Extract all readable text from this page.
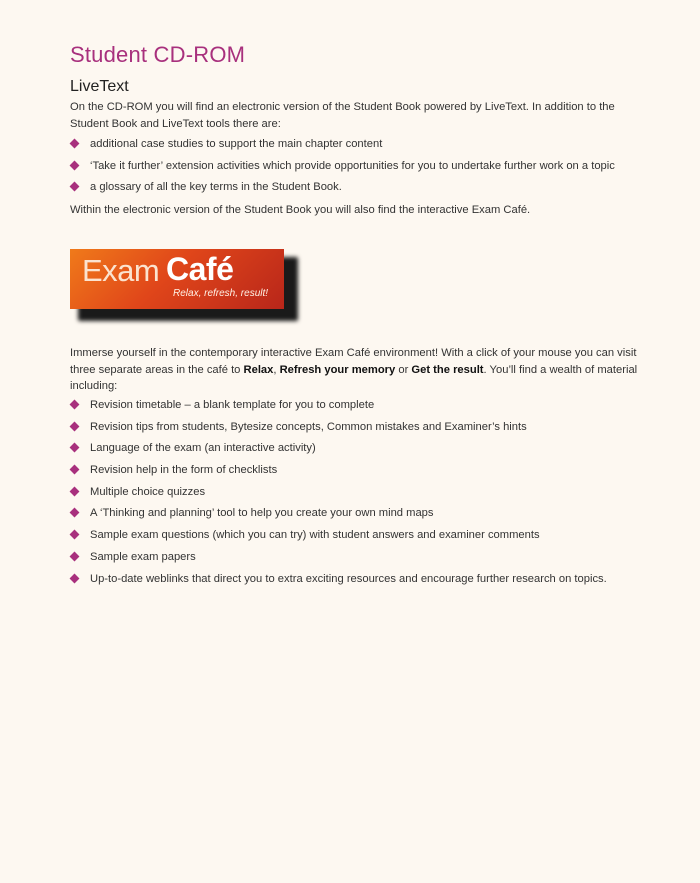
Student CD-ROM
LiveText

On the CD-ROM you will find an electronic version of the Student Book powered by LiveText. In addition to the Student Book and LiveText tools there are:

additional case studies to support the main chapter content
‘Take it further’ extension activities which provide opportunities for you to undertake further work on a topic
a glossary of all the key terms in the Student Book.

Within the electronic version of the Student Book you will also find the interactive Exam Café.

Exam Café
Relax, refresh, result!

Immerse yourself in the contemporary interactive Exam Café environment! With a click of your mouse you can visit three separate areas in the café to Relax, Refresh your memory or Get the result. You’ll find a wealth of material including:

Revision timetable – a blank template for you to complete
Revision tips from students, Bytesize concepts, Common mistakes and Examiner’s hints
Language of the exam (an interactive activity)
Revision help in the form of checklists
Multiple choice quizzes
A ‘Thinking and planning’ tool to help you create your own mind maps
Sample exam questions (which you can try) with student answers and examiner comments
Sample exam papers
Up-to-date weblinks that direct you to extra exciting resources and encourage further research on topics.
